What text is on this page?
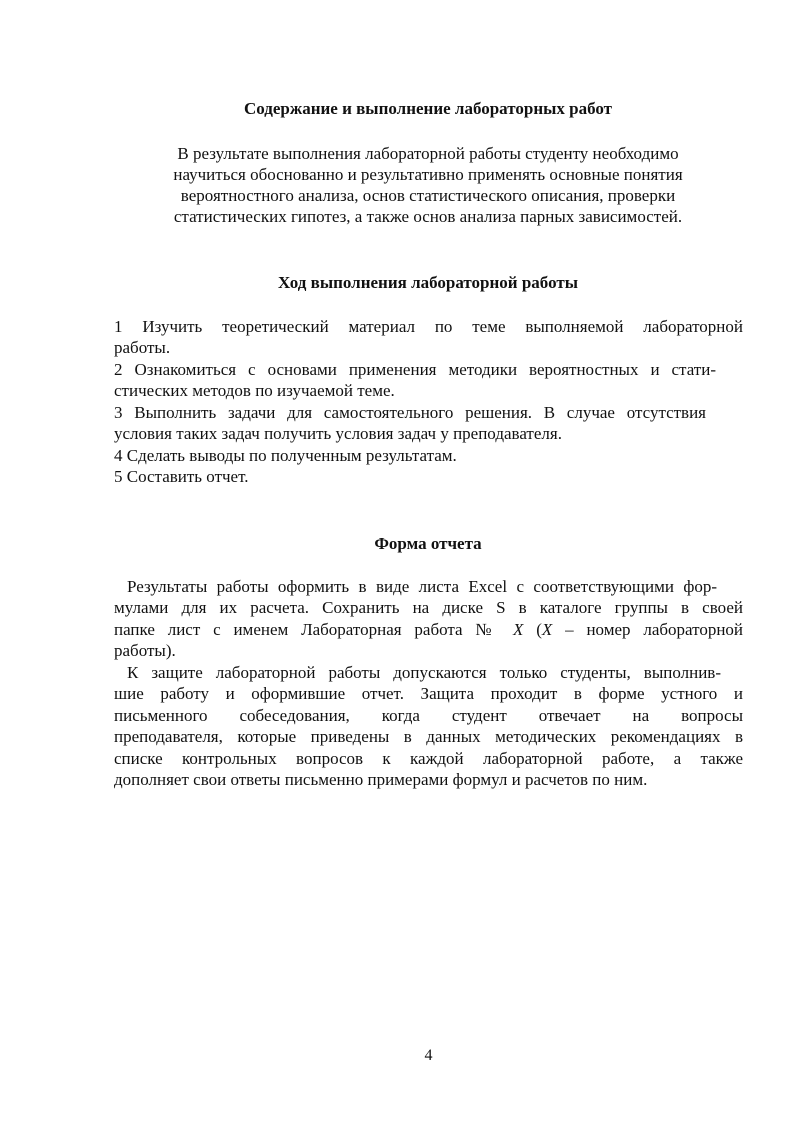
Содержание и выполнение лабораторных работ
В результате выполнения лабораторной работы студенту необходимо
научиться обоснованно и результативно применять основные понятия
вероятностного анализа, основ статистического описания, проверки
статистических гипотез, а также основ анализа парных зависимостей.
Ход выполнения лабораторной работы
1 Изучить теоретический материал по теме выполняемой лабораторной
работы.
2 Ознакомиться с основами применения методики вероятностных и стати-
стических методов по изучаемой теме.
3 Выполнить задачи для самостоятельного решения. В случае отсутствия
условия таких задач получить условия задач у преподавателя.
4 Сделать выводы по полученным результатам.
5 Составить отчет.
Форма отчета
Результаты работы оформить в виде листа Excel с соответствующими фор-
мулами для их расчета. Сохранить на диске S в каталоге группы в своей
папке лист с именем Лабораторная работа № X (X – номер лабораторной
работы).
К защите лабораторной работы допускаются только студенты, выполнив-
шие работу и оформившие отчет. Защита проходит в форме устного и
письменного собеседования, когда студент отвечает на вопросы
преподавателя, которые приведены в данных методических рекомендациях в
списке контрольных вопросов к каждой лабораторной работе, а также
дополняет свои ответы письменно примерами формул и расчетов по ним.
4
